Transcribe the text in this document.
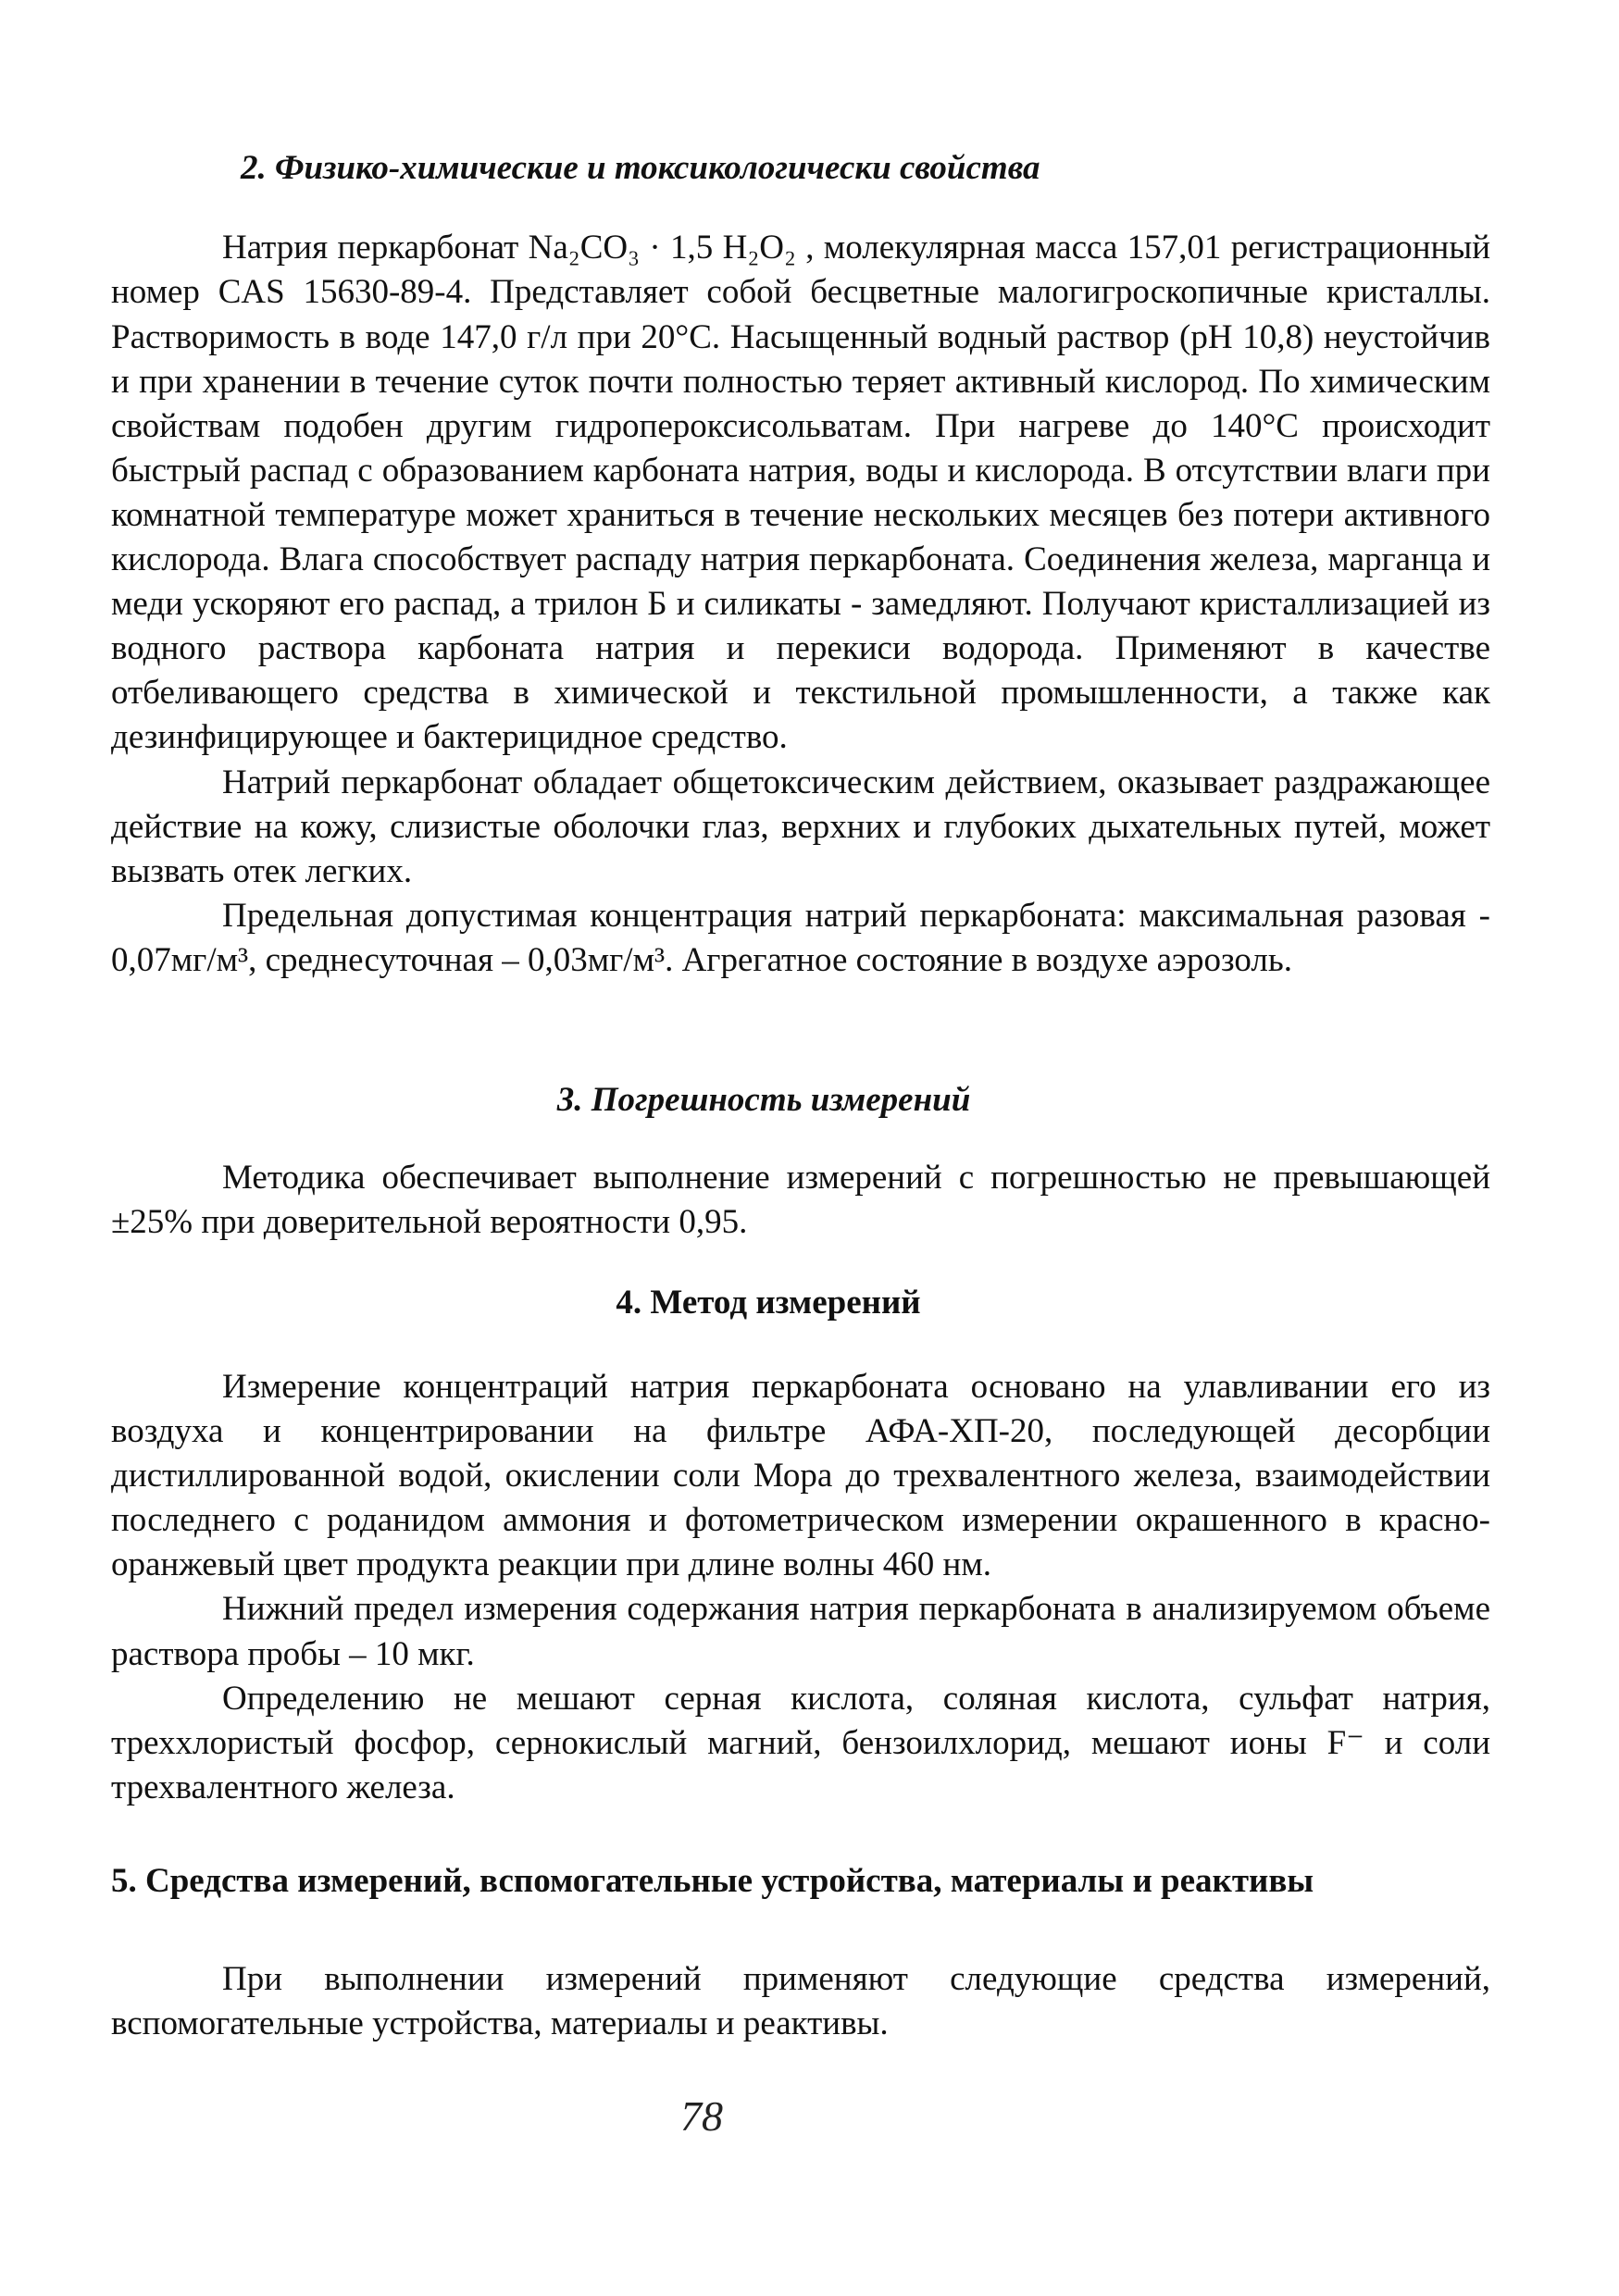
2. Физико-химические и токсикологически свойства

Натрия перкарбонат Na₂CO₃ · 1,5 H₂O₂ , молекулярная масса 157,01 регистрационный номер CAS 15630-89-4. Представляет собой бесцветные малогигроскопичные кристаллы. Растворимость в воде 147,0 г/л при 20°С. Насыщенный водный раствор (рН 10,8) неустойчив и при хранении в течение суток почти полностью теряет активный кислород. По химическим свойствам подобен другим гидропероксисольватам. При нагреве до 140°С происходит быстрый распад с образованием карбоната натрия, воды и кислорода. В отсутствии влаги при комнатной температуре может храниться в течение нескольких месяцев без потери активного кислорода. Влага способствует распаду натрия перкарбоната. Соединения железа, марганца и меди ускоряют его распад, а трилон Б и силикаты - замедляют. Получают кристаллизацией из водного раствора карбоната натрия и перекиси водорода. Применяют в качестве отбеливающего средства в химической и текстильной промышленности, а также как дезинфицирующее и бактерицидное средство.

Натрий перкарбонат обладает общетоксическим действием, оказывает раздражающее действие на кожу, слизистые оболочки глаз, верхних и глубоких дыхательных путей, может вызвать отек легких.

Предельная допустимая концентрация натрий перкарбоната: максимальная разовая - 0,07мг/м³, среднесуточная – 0,03мг/м³. Агрегатное состояние в воздухе аэрозоль.

3. Погрешность измерений

Методика обеспечивает выполнение измерений с погрешностью не превышающей ±25% при доверительной вероятности 0,95.

4. Метод измерений

Измерение концентраций натрия перкарбоната основано на улавливании его из воздуха и концентрировании на фильтре АФА-ХП-20, последующей десорбции дистиллированной водой, окислении соли Мора до трехвалентного железа, взаимодействии последнего с роданидом аммония и фотометрическом измерении окрашенного в красно-оранжевый цвет продукта реакции при длине волны 460 нм.

Нижний предел измерения содержания натрия перкарбоната в анализируемом объеме раствора пробы – 10 мкг.

Определению не мешают серная кислота, соляная кислота, сульфат натрия, треххлористый фосфор, сернокислый магний, бензоилхлорид, мешают ионы F⁻ и соли трехвалентного железа.

5. Средства измерений, вспомогательные устройства, материалы и реактивы

При выполнении измерений применяют следующие средства измерений, вспомогательные устройства, материалы и реактивы.

78
